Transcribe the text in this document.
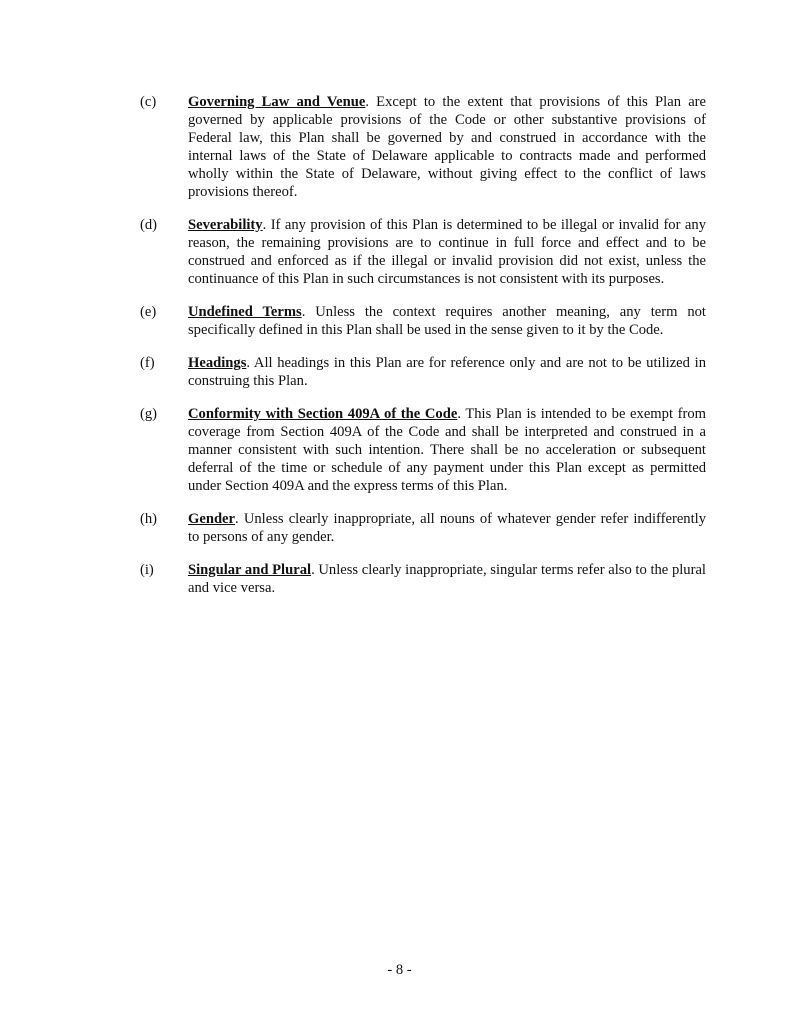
(c)	Governing Law and Venue. Except to the extent that provisions of this Plan are governed by applicable provisions of the Code or other substantive provisions of Federal law, this Plan shall be governed by and construed in accordance with the internal laws of the State of Delaware applicable to contracts made and performed wholly within the State of Delaware, without giving effect to the conflict of laws provisions thereof.
(d)	Severability. If any provision of this Plan is determined to be illegal or invalid for any reason, the remaining provisions are to continue in full force and effect and to be construed and enforced as if the illegal or invalid provision did not exist, unless the continuance of this Plan in such circumstances is not consistent with its purposes.
(e)	Undefined Terms. Unless the context requires another meaning, any term not specifically defined in this Plan shall be used in the sense given to it by the Code.
(f)	Headings. All headings in this Plan are for reference only and are not to be utilized in construing this Plan.
(g)	Conformity with Section 409A of the Code. This Plan is intended to be exempt from coverage from Section 409A of the Code and shall be interpreted and construed in a manner consistent with such intention. There shall be no acceleration or subsequent deferral of the time or schedule of any payment under this Plan except as permitted under Section 409A and the express terms of this Plan.
(h)	Gender. Unless clearly inappropriate, all nouns of whatever gender refer indifferently to persons of any gender.
(i)	Singular and Plural. Unless clearly inappropriate, singular terms refer also to the plural and vice versa.
- 8 -
